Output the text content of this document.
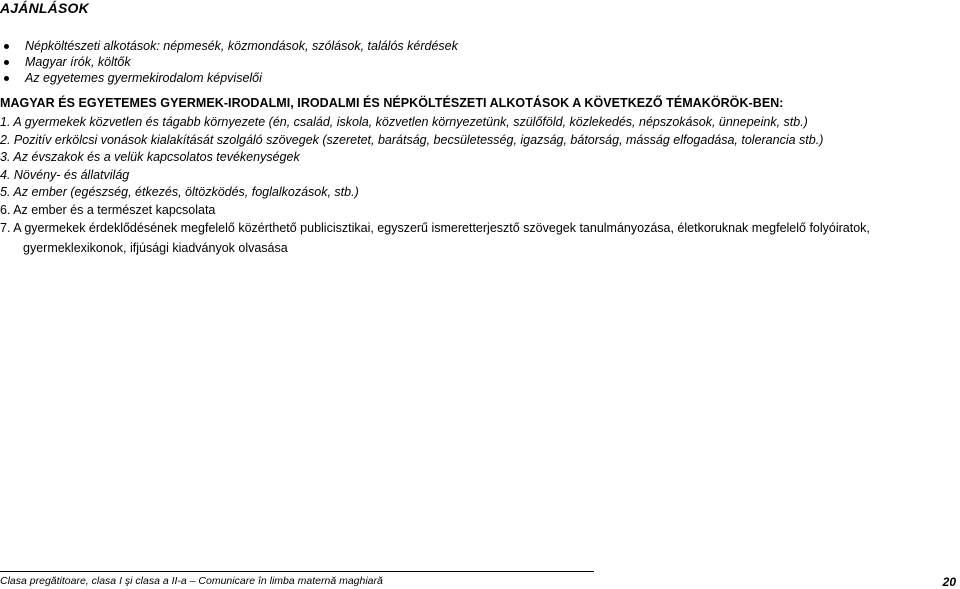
AJÁNLÁSOK
Népköltészeti alkotások: népmesék, közmondások, szólások, találós kérdések
Magyar írók, költők
Az egyetemes gyermekirodalom képviselői
MAGYAR ÉS EGYETEMES GYERMEK-IRODALMI, IRODALMI ÉS NÉPKÖLTÉSZETI ALKOTÁSOK A KÖVETKEZŐ TÉMAKÖRÖK-BEN:
1. A gyermekek közvetlen és tágabb környezete (én, család, iskola, közvetlen környezetünk, szülőföld, közlekedés, népszokások, ünnepeink, stb.)
2. Pozitív erkölcsi vonások kialakítását szolgáló szövegek (szeretet, barátság, becsületesség, igazság, bátorság, másság elfogadása, tolerancia stb.)
3. Az évszakok és a velük kapcsolatos tevékenységek
4. Növény- és állatvilág
5. Az ember (egészség, étkezés, öltözködés, foglalkozások, stb.)
6. Az ember és a természet kapcsolata
7. A gyermekek érdeklődésének megfelelő közérthető publicisztikai, egyszerű ismeretterjesztő szövegek tanulmányozása, életkoruknak megfelelő folyóiratok, gyermeklexikonok, ifjúsági kiadványok olvasása
Clasa pregătitoare, clasa I şi clasa a II-a – Comunicare în limba maternă maghiară	20
